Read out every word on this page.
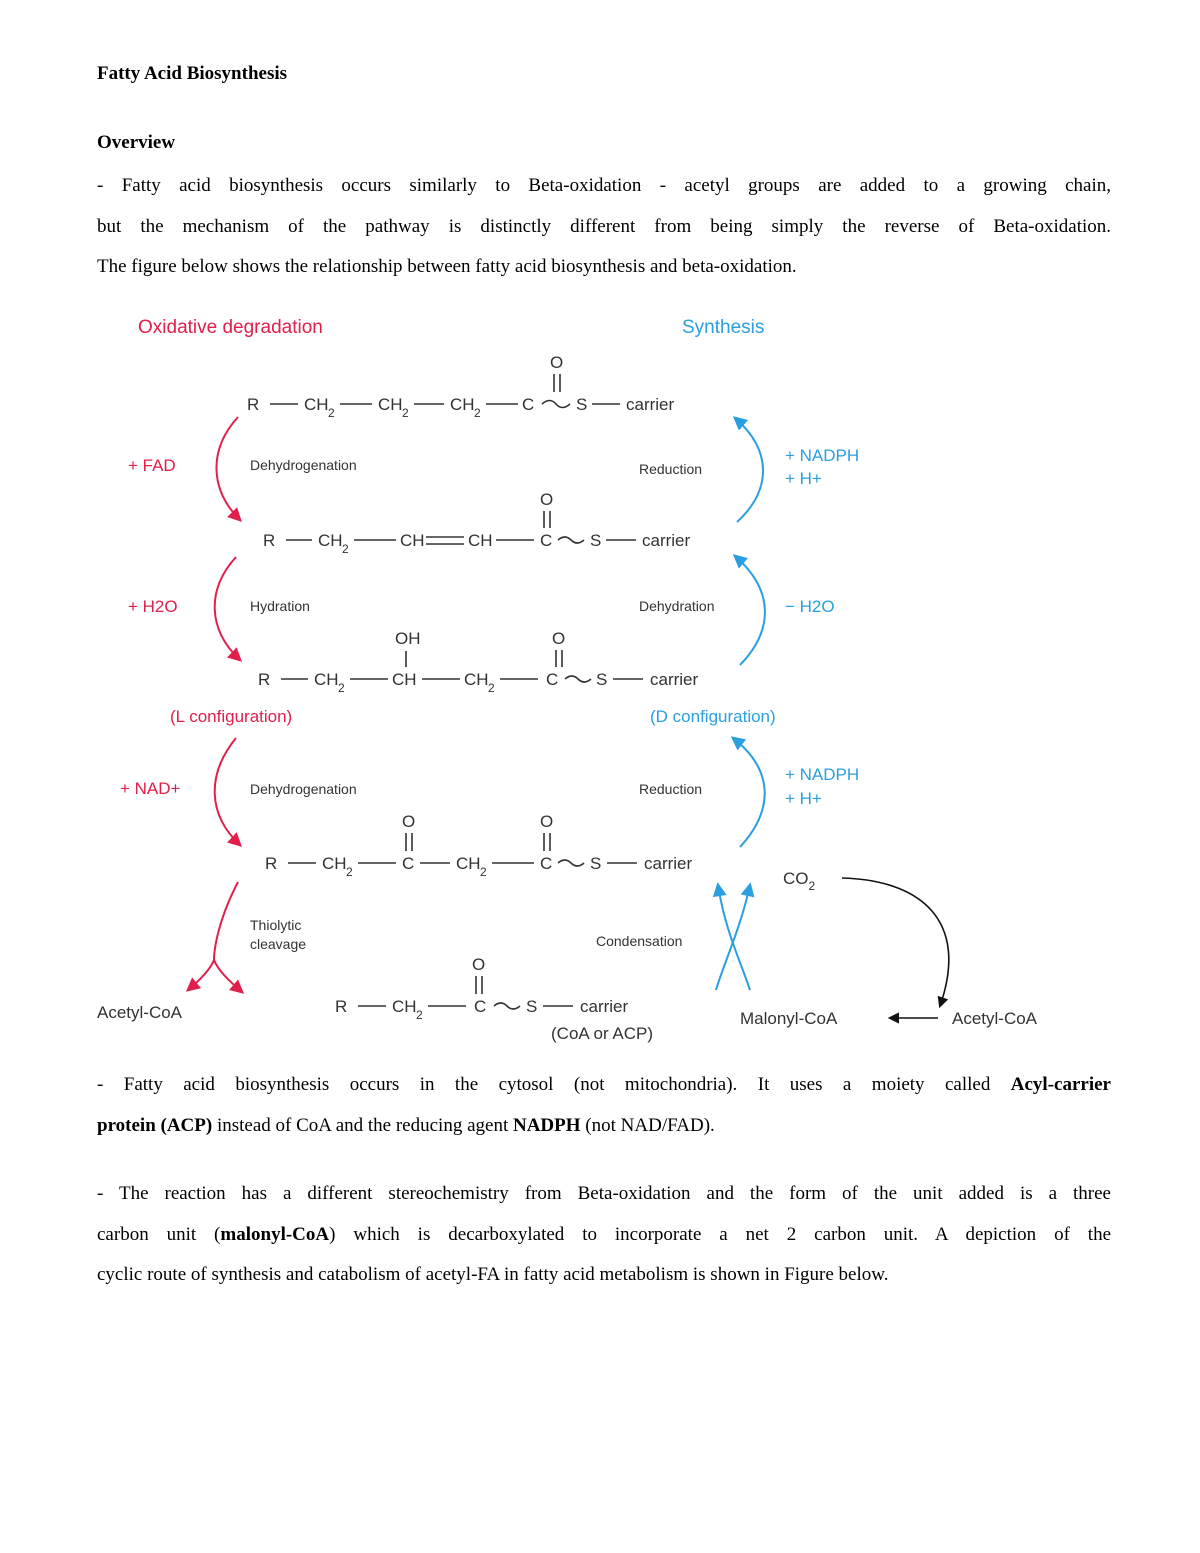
Fatty Acid Biosynthesis
Overview
- Fatty acid biosynthesis occurs similarly to Beta-oxidation - acetyl groups are added to a growing chain,
but the mechanism of the pathway is distinctly different from being simply the reverse of Beta-oxidation.
The figure below shows the relationship between fatty acid biosynthesis and beta-oxidation.
Oxidative degradation	Synthesis
R	CH 2	CH 2 CH 2 C
O
S carrier
+ FAD	Dehydrogenation	Reduction
+ NADPH
+ H+
R	CH 2	CH	CH	C
O
S carrier
+ H2O	Hydration	Dehydration	− H2O
R	CH 2	CH
OH
CH 2	C
O
S	carrier
(L configuration)	(D configuration)
+ NAD+	Dehydrogenation	Reduction
+ NADPH
+ H+
R	CH 2	C
O
CH 2	C
O
S	carrier
$CO_2$
Thiolytic
cleavage	Condensation
R	CH 2	C
O
S	carrier
(CoA or ACP)
Acetyl-CoA	Malonyl-CoA	Acetyl-CoA
- Fatty acid biosynthesis occurs in the cytosol (not mitochondria). It uses a moiety called Acyl-carrier
protein (ACP) instead of CoA and the reducing agent NADPH (not NAD/FAD).
- The reaction has a different stereochemistry from Beta-oxidation and the form of the unit added is a three
carbon unit (malonyl-CoA) which is decarboxylated to incorporate a net 2 carbon unit. A depiction of the
cyclic route of synthesis and catabolism of acetyl-FA in fatty acid metabolism is shown in Figure below.
